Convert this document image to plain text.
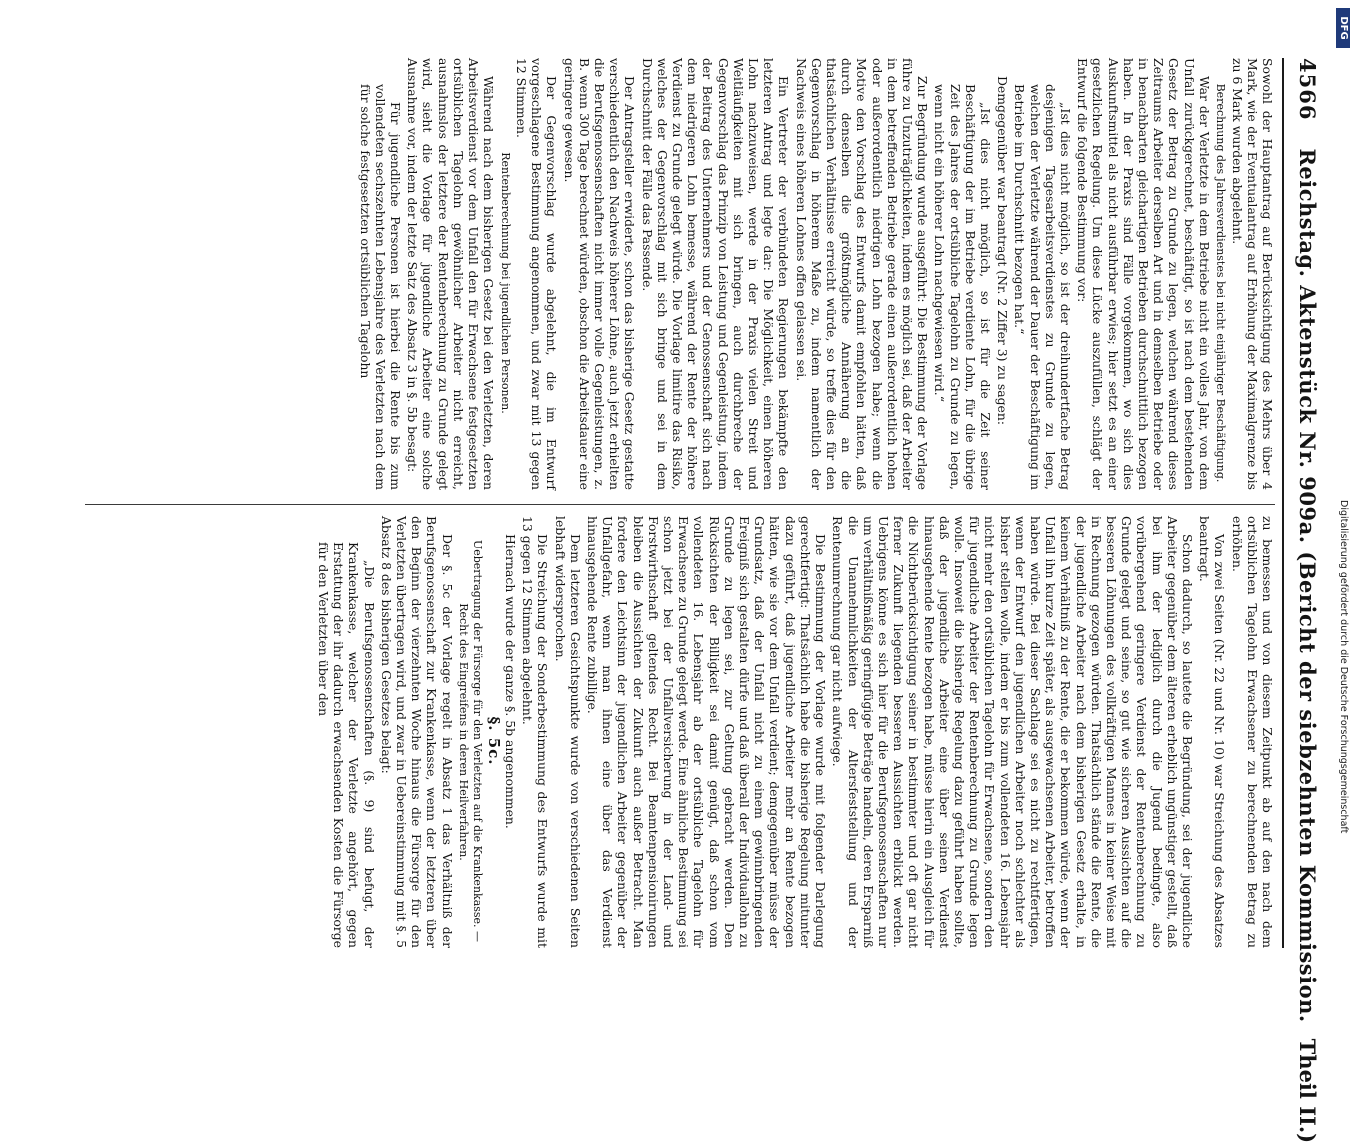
4566
Reichstag. Aktenstück Nr. 909a. (Bericht der siebzehnten Kommission.
Theil II.)

Sowohl der Hauptantrag auf Berücksichtigung des Mehrs über 4 Mark, wie der Eventualantrag auf Erhöhung der Maximalgrenze bis zu 6 Mark wurden abgelehnt.

Berechnung des Jahresverdienstes bei nicht einjähriger Beschäftigung.

War der Verletzte in dem Betriebe nicht ein volles Jahr, von dem Unfall zurückgerechnet, beschäftigt, so ist nach dem bestehenden Gesetz der Betrag zu Grunde zu legen, welchen während dieses Zeitraums Arbeiter derselben Art und in demselben Betriebe oder in benachbarten gleichartigen Betrieben durchschnittlich bezogen haben. In der Praxis sind Fälle vorgekommen, wo sich dies Auskunftsmittel als nicht ausführbar erwies; hier setzt es an einer gesetzlichen Regelung. Um diese Lücke auszufüllen, schlägt der Entwurf die folgende Bestimmung vor:

„Ist dies nicht möglich, so ist der dreihundertfache Betrag desjenigen Tagesarbeitsverdienstes zu Grunde zu legen, welchen der Verletzte während der Dauer der Beschäftigung im Betriebe im Durchschnitt bezogen hat.“

Demgegenüber war beantragt (Nr. 2 Ziffer 3) zu sagen:

„Ist dies nicht möglich, so ist für die Zeit seiner Beschäftigung der im Betriebe verdiente Lohn, für die übrige Zeit des Jahres der ortsübliche Tagelohn zu Grunde zu legen, wenn nicht ein höherer Lohn nachgewiesen wird.“

Zur Begründung wurde ausgeführt: Die Bestimmung der Vorlage führe zu Unzuträglichkeiten, indem es möglich sei, daß der Arbeiter in dem betreffenden Betriebe gerade einen außerordentlich hohen oder außerordentlich niedrigen Lohn bezogen habe; wenn die Motive den Vorschlag des Entwurfs damit empfohlen hätten, daß durch denselben die größtmögliche Annäherung an die thatsächlichen Verhältnisse erreicht würde, so treffe dies für den Gegenvorschlag in höherem Maße zu, indem namentlich der Nachweis eines höheren Lohnes offen gelassen sei.

Ein Vertreter der verbündeten Regierungen bekämpfte den letzteren Antrag und legte dar: Die Möglichkeit, einen höheren Lohn nachzuweisen, werde in der Praxis vielen Streit und Weitläufigkeiten mit sich bringen, auch durchbreche der Gegenvorschlag das Prinzip von Leistung und Gegenleistung, indem der Beitrag des Unternehmers und der Genossenschaft sich nach dem niedrigeren Lohn bemesse, während der Rente der höhere Verdienst zu Grunde gelegt würde. Die Vorlage limitire das Risiko, welches der Gegenvorschlag mit sich bringe und sei in dem Durchschnitt der Fälle das Passende.

Der Antragsteller erwiderte, schon das bisherige Gesetz gestatte verschiedentlich den Nachweis höherer Löhne, auch jetzt erhielten die Berufsgenossenschaften nicht immer volle Gegenleistungen, z. B. wenn 300 Tage berechnet würden, obschon die Arbeitsdauer eine geringere gewesen.

Der Gegenvorschlag wurde abgelehnt, die im Entwurf vorgeschlagene Bestimmung angenommen, und zwar mit 13 gegen 12 Stimmen.

Rentenberechnung bei jugendlichen Personen.

Während nach dem bisherigen Gesetz bei den Verletzten, deren Arbeitsverdienst vor dem Unfall den für Erwachsene festgesetzten ortsüblichen Tagelohn gewöhnlicher Arbeiter nicht erreicht, ausnahmslos der letztere der Rentenberechnung zu Grunde gelegt wird, sieht die Vorlage für jugendliche Arbeiter eine solche Ausnahme vor, indem der letzte Satz des Absatz 3 in §. 5b besagt:

Für jugendliche Personen ist hierbei die Rente bis zum vollendeten sechszehnten Lebensjahre des Verletzten nach dem für solche festgesetzten ortsüblichen Tagelohn

zu bemessen und von diesem Zeitpunkt ab auf den nach dem ortsüblichen Tagelohn Erwachsener zu berechnenden Betrag zu erhöhen.

Von zwei Seiten (Nr. 22 und Nr. 10) war Streichung des Absatzes beantragt.

Schon dadurch, so lautete die Begründung, sei der jugendliche Arbeiter gegenüber dem älteren erheblich ungünstiger gestellt, daß bei ihm der lediglich durch die Jugend bedingte, also vorübergehend geringere Verdienst der Rentenberechnung zu Grunde gelegt und seine, so gut wie sicheren Aussichten auf die besseren Löhnungen des vollkräftigen Mannes in keiner Weise mit in Rechnung gezogen würden. Thatsächlich stände die Rente, die der jugendliche Arbeiter nach dem bisherigen Gesetz erhalte, in keinem Verhältniß zu der Rente, die er bekommen würde, wenn der Unfall ihn kurze Zeit später, als ausgewachsenen Arbeiter, betroffen haben würde. Bei dieser Sachlage sei es nicht zu rechtfertigen, wenn der Entwurf den jugendlichen Arbeiter noch schlechter als bisher stellen wolle, indem er bis zum vollendeten 16. Lebensjahr nicht mehr den ortsüblichen Tagelohn für Erwachsene, sondern den für jugendliche Arbeiter der Rentenberechnung zu Grunde legen wolle. Insoweit die bisherige Regelung dazu geführt haben sollte, daß der jugendliche Arbeiter eine über seinen Verdienst hinausgehende Rente bezogen habe, müsse hierin ein Ausgleich für die Nichtberücksichtigung seiner in bestimmter und oft gar nicht ferner Zukunft liegenden besseren Aussichten erblickt werden. Uebrigens könne es sich hier für die Berufsgenossenschaften nur um verhältnißmäßig geringfügige Beträge handeln, deren Ersparniß die Unannehmlichkeiten der Altersfeststellung und der Rentenumrechnung gar nicht aufwiege.

Die Bestimmung der Vorlage wurde mit folgender Darlegung gerechtfertigt: Thatsächlich habe die bisherige Regelung mitunter dazu geführt, daß jugendliche Arbeiter mehr an Rente bezogen hätten, wie sie vor dem Unfall verdient; demgegenüber müsse der Grundsatz, daß der Unfall nicht zu einem gewinnbringenden Ereigniß sich gestalten dürfe und daß überall der Individuallohn zu Grunde zu legen sei, zur Geltung gebracht werden. Den Rücksichten der Billigkeit sei damit genügt, daß schon vom vollendeten 16. Lebensjahr ab der ortsübliche Tagelohn für Erwachsene zu Grunde gelegt werde. Eine ähnliche Bestimmung sei schon jetzt bei der Unfallversicherung in der Land- und Forstwirthschaft geltendes Recht. Bei Beamtenpensionirungen bleiben die Aussichten der Zukunft auch außer Betracht. Man fordere den Leichtsinn der jugendlichen Arbeiter gegenüber der Unfallgefahr, wenn man ihnen eine über das Verdienst hinausgehende Rente zubillige.

Dem letzteren Gesichtspunkte wurde von verschiedenen Seiten lebhaft widersprochen.

Die Streichung der Sonderbestimmung des Entwurfs wurde mit 13 gegen 12 Stimmen abgelehnt.

Hiernach wurde der ganze §. 5b angenommen.

§. 5c.

Uebertragung der Fürsorge für den Verletzten auf die Krankenkasse. — Recht des Eingreifens in deren Heilverfahren.

Der §. 5c der Vorlage regelt in Absatz 1 das Verhältniß der Berufsgenossenschaft zur Krankenkasse, wenn der letzteren über den Beginn der vierzehnten Woche hinaus die Fürsorge für den Verletzten übertragen wird, und zwar in Uebereinstimmung mit §. 5 Absatz 8 des bisherigen Gesetzes belagt:

„Die Berufsgenossenschaften (§. 9) sind befugt, der Krankenkasse, welcher der Verletzte angehört, gegen Erstattung der ihr dadurch erwachsenden Kosten die Fürsorge für den Verletzten über den

DFG
Digitalisierung gefördert durch die Deutsche Forschungsgemeinschaft
